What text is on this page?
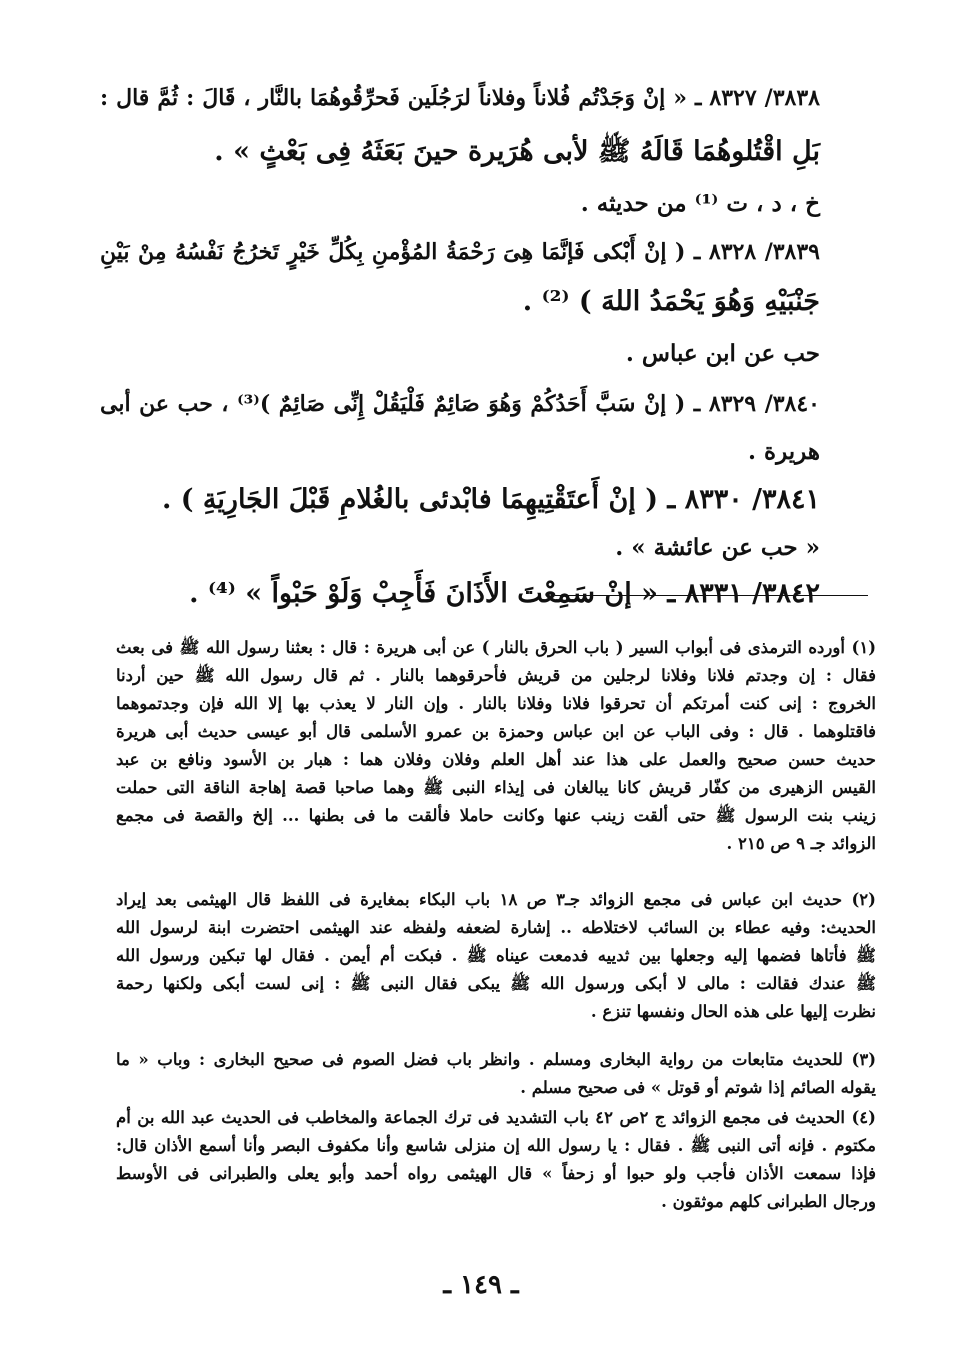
٣٨٣٨/ ٨٣٢٧ ـ « إنْ وَجَدْتُم فُلاناً وفلاناً لرَجُلَين فَحرِّقُوهُمَا بالنَّار ، قَالَ : ثُمَّ قال :
بَلِ اقْتُلوهُمَا قَالَهُ ﷺ لأبى هُرَيرة حينَ بَعَثَهُ فِى بَعْثٍ » .
خ ، د ، ت ⁽¹⁾ من حديثه .
٣٨٣٩/ ٨٣٢٨ ـ ( إنْ أَبْكى فَإنَّمَا هِىَ رَحْمَةُ المُؤْمنِ بِكُلِّ خَيْرٍ تَخرُجُ نَفْسُهُ مِنْ بَيْنِ
جَنْبَيْهِ وَهُوَ يَحْمَدُ اللهَ ) ⁽²⁾ .
حب عن ابن عباس .
٣٨٤٠/ ٨٣٢٩ ـ ( إنْ سَبَّ أَحَدُكُمْ وَهُوَ صَائِمٌ فَلْيَقُلْ إِنِّى صَائِمٌ )⁽³⁾ ، حب عن أبى
هريرة .
٣٨٤١/ ٨٣٣٠ ـ ( إنْ أَعتَقْتِيهِمَا فابْدئى بالغُلامِ قَبْلَ الجَارِيَةِ ) .
« حب عن عائشة » .
٣٨٤٢/ ٨٣٣١ ـ « إنْ سَمِعْتَ الأَذَانَ فَأَجِبْ وَلَوْ حَبْواً » ⁽⁴⁾ .
(١) أورده الترمذى فى أبواب السير ( باب الحرق بالنار ) عن أبى هريرة : قال : بعثنا رسول الله ﷺ فى بعث
فقال : إن وجدتم فلانا وفلانا لرجلين من قريش فأحرقوهما بالنار . ثم قال رسول الله ﷺ حين أردنا
الخروج : إنى كنت أمرتكم أن تحرقوا فلانا وفلانا بالنار . وإن النار لا يعذب بها إلا الله فإن وجدتموهما
فاقتلوهما . قال : وفى الباب عن ابن عباس وحمزة بن عمرو الأسلمى قال أبو عيسى حديث أبى هريرة
حديث حسن صحيح والعمل على هذا عند أهل العلم وفلان وفلان هما : هبار بن الأسود ونافع بن عبد
القيس الزهيرى من كفّار قريش كانا يبالغان فى إيذاء النبى ﷺ وهما صاحبا قصة إهاجة الناقة التى حملت
زينب بنت الرسول ﷺ حتى ألقت زينب عنها وكانت حاملا فألقت ما فى بطنها ... إلخ والقصة فى مجمع
الزوائد جـ ٩ ص ٢١٥ .
(٢) حديث ابن عباس فى مجمع الزوائد جـ٣ ص ١٨ باب البكاء بمغايرة فى اللفظ قال الهيثمى بعد إيراد
الحديث: وفيه عطاء بن السائب لاختلاطه .. إشارة لضعفه ولفظه عند الهيثمى احتضرت ابنة لرسول الله
ﷺ فأتاها فضمها إليه وجعلها بين ثدييه فدمعت عيناه ﷺ . فبكت أم أيمن . فقال لها تبكين ورسول الله
ﷺ عندك فقالت : مالى لا أبكى ورسول الله ﷺ يبكى فقال النبى ﷺ : إنى لست أبكى ولكنها رحمة
نظرت إليها على هذه الحال ونفسها تنزع .
(٣) للحديث متابعات من رواية البخارى ومسلم . وانظر باب فضل الصوم فى صحيح البخارى : وباب « ما
يقوله الصائم إذا شوتم أو قوتل » فى صحيح مسلم .
(٤) الحديث فى مجمع الزوائد ج ٢ص ٤٢ باب التشديد فى ترك الجماعة والمخاطب فى الحديث عبد الله بن أم
مكتوم . فإنه أتى النبى ﷺ . فقال : يا رسول الله إن منزلى شاسع وأنا مكفوف البصر وأنا أسمع الأذان قال:
فإذا سمعت الأذان فأجب ولو حبوا أو زحفاً » قال الهيثمى رواه أحمد وأبو يعلى والطبرانى فى الأوسط
ورجال الطبرانى كلهم موثقون .
ـ ١٤٩ ـ
